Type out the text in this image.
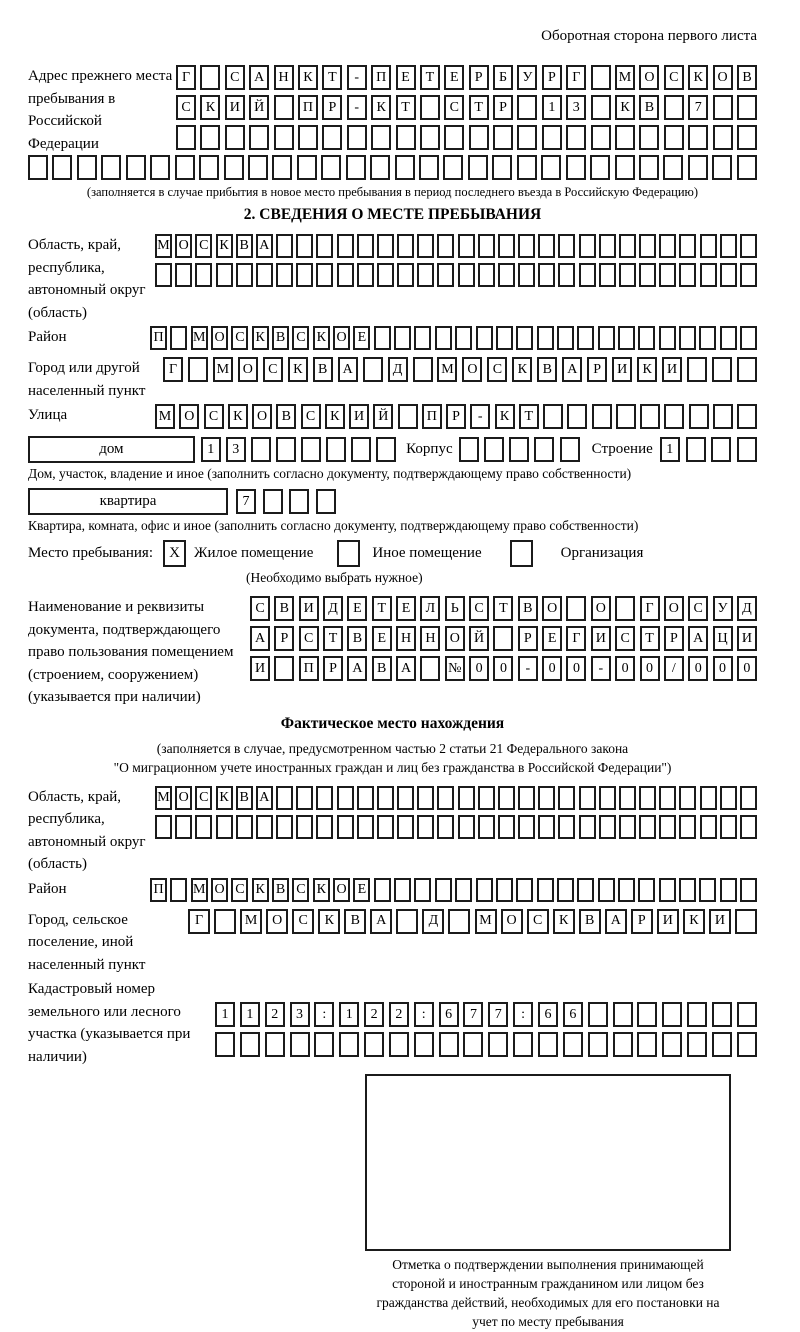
Оборотная сторона первого листа
Адрес прежнего места пребывания в Российской Федерации
Г	С	А	Н	К	Т	-	П	Е	Т	Е	Р	Б	У	Р	Г	М О	С	К	О	В
С	К	И	Й	П	Р	-	К	Т	С	Т	Р	1	3	К	В	7
(заполняется в случае прибытия в новое место пребывания в период последнего въезда в Российскую Федерацию)
2. СВЕДЕНИЯ О МЕСТЕ ПРЕБЫВАНИЯ
Область, край, республика, автономный округ (область)
М О С К В А
Район	П М О С К В С К О Е
Город или другой населенный пункт
Г	М О	С	К	В	А	Д	М О	С	К	В	А	Р	И	К	И
Улица	М О	С	К	О	В	С	К	И	Й	П	Р	-	К	Т
дом	1	3	Корпус	Строение 1
Дом, участок, владение и иное (заполнить согласно документу, подтверждающему право собственности)
квартира	7
Квартира, комната, офис и иное (заполнить согласно документу, подтверждающему право собственности)
Место пребывания:	X Жилое помещение	Иное помещение	Организация
(Необходимо выбрать нужное)
Наименование и реквизиты документа, подтверждающего право пользования помещением (строением, сооружением) (указывается при наличии)
С	В	И	Д	Е	Т	Е	Л	Ь	С	Т	В	О	О	Г	О	С	У	Д
А	Р	С	Т	В	Е	Н	Н	О	Й	Р	Е	Г	И	С	Т	Р	А	Ц	И
И	П	Р	А	В	А	№	0	0	-	0	0	-	0	0	/	0	0	0
Фактическое место нахождения
(заполняется в случае, предусмотренном частью 2 статьи 21 Федерального закона
"О миграционном учете иностранных граждан и лиц без гражданства в Российской Федерации")
Область, край, республика, автономный округ (область)
М О С К В А
Район	П М О С К В С К О Е
Город, сельское поселение, иной населенный пункт
Г	М	О	С	К	В	А	Д	М	О	С	К	В	А	Р	И	К	И
Кадастровый номер земельного или лесного участка (указывается при наличии)
1	1	2	3	:	1	2	2	:	6	7	7	:	6	6
Отметка о подтверждении выполнения принимающей стороной и иностранным гражданином или лицом без гражданства действий, необходимых для его постановки на учет по месту пребывания
